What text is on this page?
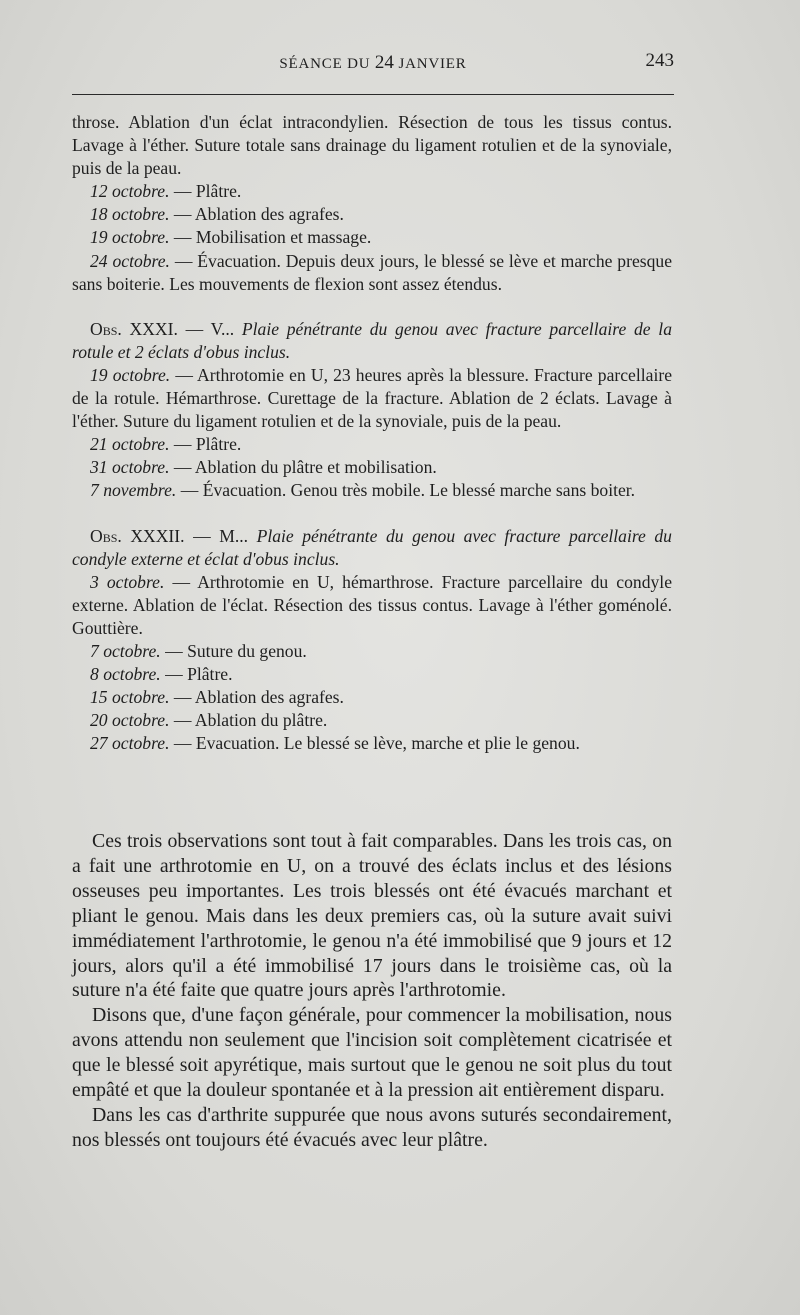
SÉANCE DU 24 JANVIER	243

throse. Ablation d'un éclat intracondylien. Résection de tous les tissus contus. Lavage à l'éther. Suture totale sans drainage du ligament rotulien et de la synoviale, puis de la peau.

12 octobre. — Plâtre.

18 octobre. — Ablation des agrafes.

19 octobre. — Mobilisation et massage.

24 octobre. — Évacuation. Depuis deux jours, le blessé se lève et marche presque sans boiterie. Les mouvements de flexion sont assez étendus.

Obs. XXXI. — V... Plaie pénétrante du genou avec fracture parcellaire de la rotule et 2 éclats d'obus inclus.

19 octobre. — Arthrotomie en U, 23 heures après la blessure. Fracture parcellaire de la rotule. Hémarthrose. Curettage de la fracture. Ablation de 2 éclats. Lavage à l'éther. Suture du ligament rotulien et de la synoviale, puis de la peau.

21 octobre. — Plâtre.

31 octobre. — Ablation du plâtre et mobilisation.

7 novembre. — Évacuation. Genou très mobile. Le blessé marche sans boiter.

Obs. XXXII. — M... Plaie pénétrante du genou avec fracture parcellaire du condyle externe et éclat d'obus inclus.

3 octobre. — Arthrotomie en U, hémarthrose. Fracture parcellaire du condyle externe. Ablation de l'éclat. Résection des tissus contus. Lavage à l'éther goménolé. Gouttière.

7 octobre. — Suture du genou.

8 octobre. — Plâtre.

15 octobre. — Ablation des agrafes.

20 octobre. — Ablation du plâtre.

27 octobre. — Evacuation. Le blessé se lève, marche et plie le genou.

Ces trois observations sont tout à fait comparables. Dans les trois cas, on a fait une arthrotomie en U, on a trouvé des éclats inclus et des lésions osseuses peu importantes. Les trois blessés ont été évacués marchant et pliant le genou. Mais dans les deux premiers cas, où la suture avait suivi immédiatement l'arthrotomie, le genou n'a été immobilisé que 9 jours et 12 jours, alors qu'il a été immobilisé 17 jours dans le troisième cas, où la suture n'a été faite que quatre jours après l'arthrotomie.

Disons que, d'une façon générale, pour commencer la mobilisation, nous avons attendu non seulement que l'incision soit complètement cicatrisée et que le blessé soit apyrétique, mais surtout que le genou ne soit plus du tout empâté et que la douleur spontanée et à la pression ait entièrement disparu.

Dans les cas d'arthrite suppurée que nous avons suturés secondairement, nos blessés ont toujours été évacués avec leur plâtre.
